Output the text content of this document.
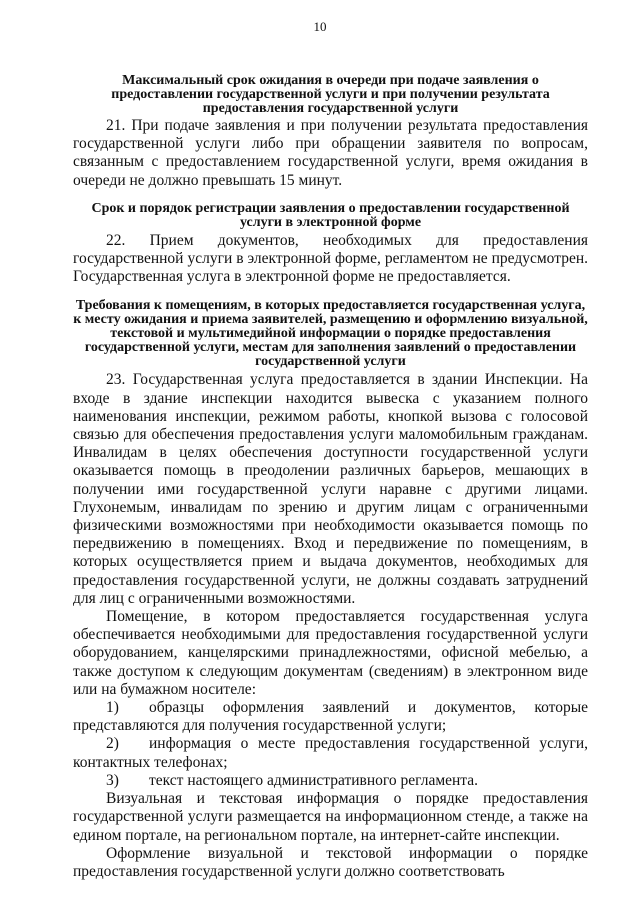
10
Максимальный срок ожидания в очереди при подаче заявления о предоставлении государственной услуги и при получении результата предоставления государственной услуги

21. При подаче заявления и при получении результата предоставления государственной услуги либо при обращении заявителя по вопросам, связанным с предоставлением государственной услуги, время ожидания в очереди не должно превышать 15 минут.

Срок и порядок регистрации заявления о предоставлении государственной услуги в электронной форме

22. Прием документов, необходимых для предоставления государственной услуги в электронной форме, регламентом не предусмотрен. Государственная услуга в электронной форме не предоставляется.

Требования к помещениям, в которых предоставляется государственная услуга, к месту ожидания и приема заявителей, размещению и оформлению визуальной, текстовой и мультимедийной информации о порядке предоставления государственной услуги, местам для заполнения заявлений о предоставлении государственной услуги

23. Государственная услуга предоставляется в здании Инспекции. На входе в здание инспекции находится вывеска с указанием полного наименования инспекции, режимом работы, кнопкой вызова с голосовой связью для обеспечения предоставления услуги маломобильным гражданам. Инвалидам в целях обеспечения доступности государственной услуги оказывается помощь в преодолении различных барьеров, мешающих в получении ими государственной услуги наравне с другими лицами. Глухонемым, инвалидам по зрению и другим лицам с ограниченными физическими возможностями при необходимости оказывается помощь по передвижению в помещениях. Вход и передвижение по помещениям, в которых осуществляется прием и выдача документов, необходимых для предоставления государственной услуги, не должны создавать затруднений для лиц с ограниченными возможностями.

Помещение, в котором предоставляется государственная услуга обеспечивается необходимыми для предоставления государственной услуги оборудованием, канцелярскими принадлежностями, офисной мебелью, а также доступом к следующим документам (сведениям) в электронном виде или на бумажном носителе:

1) образцы оформления заявлений и документов, которые представляются для получения государственной услуги;

2) информация о месте предоставления государственной услуги, контактных телефонах;

3) текст настоящего административного регламента.

Визуальная и текстовая информация о порядке предоставления государственной услуги размещается на информационном стенде, а также на едином портале, на региональном портале, на интернет-сайте инспекции.

Оформление визуальной и текстовой информации о порядке предоставления государственной услуги должно соответствовать
